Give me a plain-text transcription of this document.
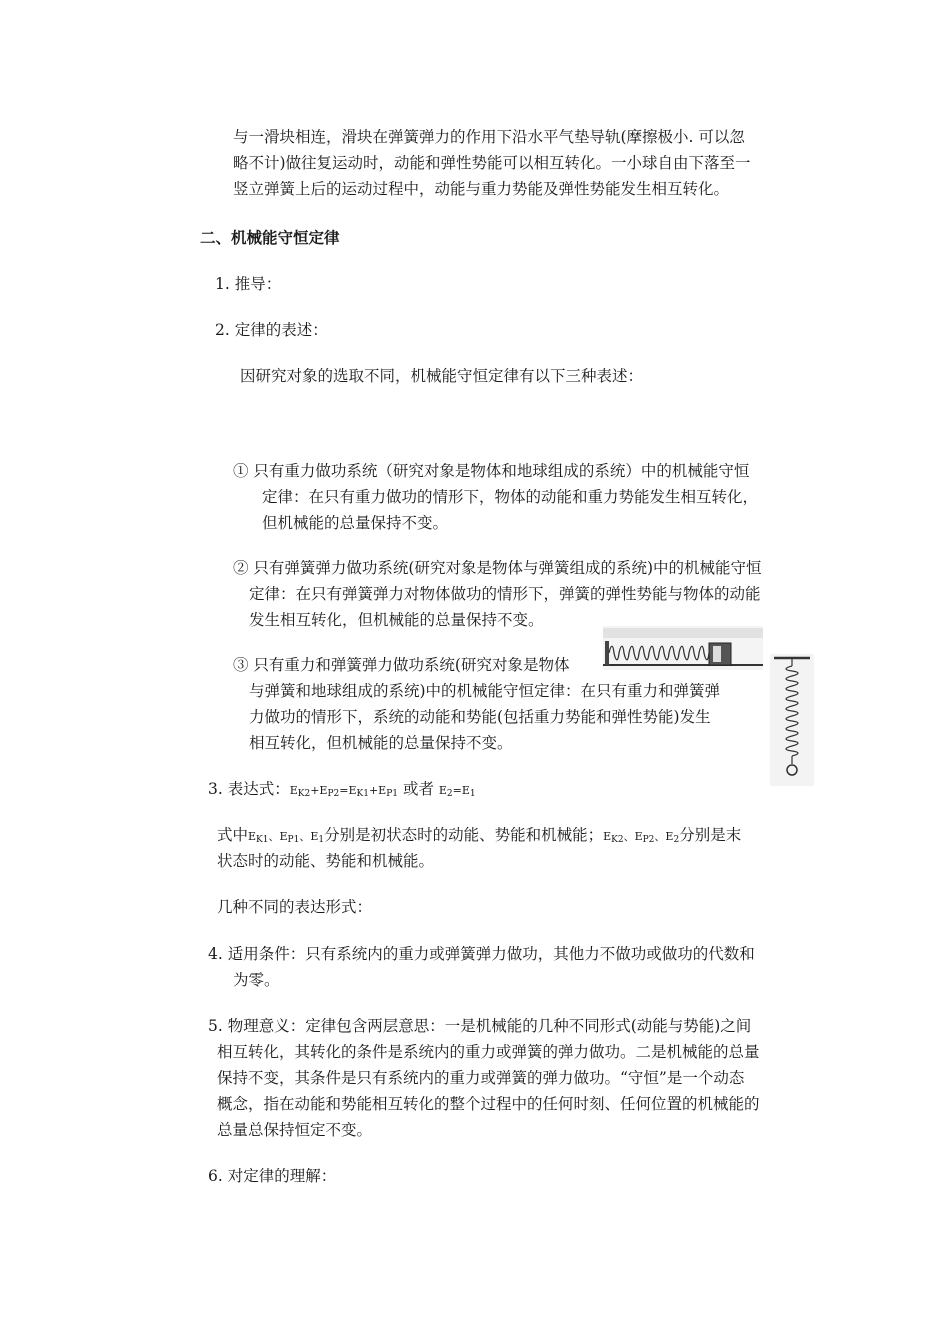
与一滑块相连，滑块在弹簧弹力的作用下沿水平气垫导轨(摩擦极小. 可以忽
略不计)做往复运动时，动能和弹性势能可以相互转化。一小球自由下落至一
竖立弹簧上后的运动过程中，动能与重力势能及弹性势能发生相互转化。
二、机械能守恒定律
1. 推导：
2. 定律的表述：
因研究对象的选取不同，机械能守恒定律有以下三种表述：
① 只有重力做功系统（研究对象是物体和地球组成的系统）中的机械能守恒
定律：在只有重力做功的情形下，物体的动能和重力势能发生相互转化，
但机械能的总量保持不变。
② 只有弹簧弹力做功系统(研究对象是物体与弹簧组成的系统)中的机械能守恒
定律：在只有弹簧弹力对物体做功的情形下，弹簧的弹性势能与物体的动能
发生相互转化，但机械能的总量保持不变。
③ 只有重力和弹簧弹力做功系统(研究对象是物体
与弹簧和地球组成的系统)中的机械能守恒定律：在只有重力和弹簧弹
力做功的情形下，系统的动能和势能(包括重力势能和弹性势能)发生
相互转化，但机械能的总量保持不变。
3. 表达式：$E_{K2}+E_{P2}=E_{K1}+E_{P1}$ 或者 $E_2=E_1$
式中$E_{K1}$、$E_{P1}$、$E_1$分别是初状态时的动能、势能和机械能；$E_{K2}$、$E_{P2}$、$E_2$分别是末
状态时的动能、势能和机械能。
几种不同的表达形式：
4. 适用条件：只有系统内的重力或弹簧弹力做功，其他力不做功或做功的代数和
为零。
5. 物理意义：定律包含两层意思：一是机械能的几种不同形式(动能与势能)之间
相互转化，其转化的条件是系统内的重力或弹簧的弹力做功。二是机械能的总量
保持不变，其条件是只有系统内的重力或弹簧的弹力做功。“守恒”是一个动态
概念，指在动能和势能相互转化的整个过程中的任何时刻、任何位置的机械能的
总量总保持恒定不变。
6. 对定律的理解：
